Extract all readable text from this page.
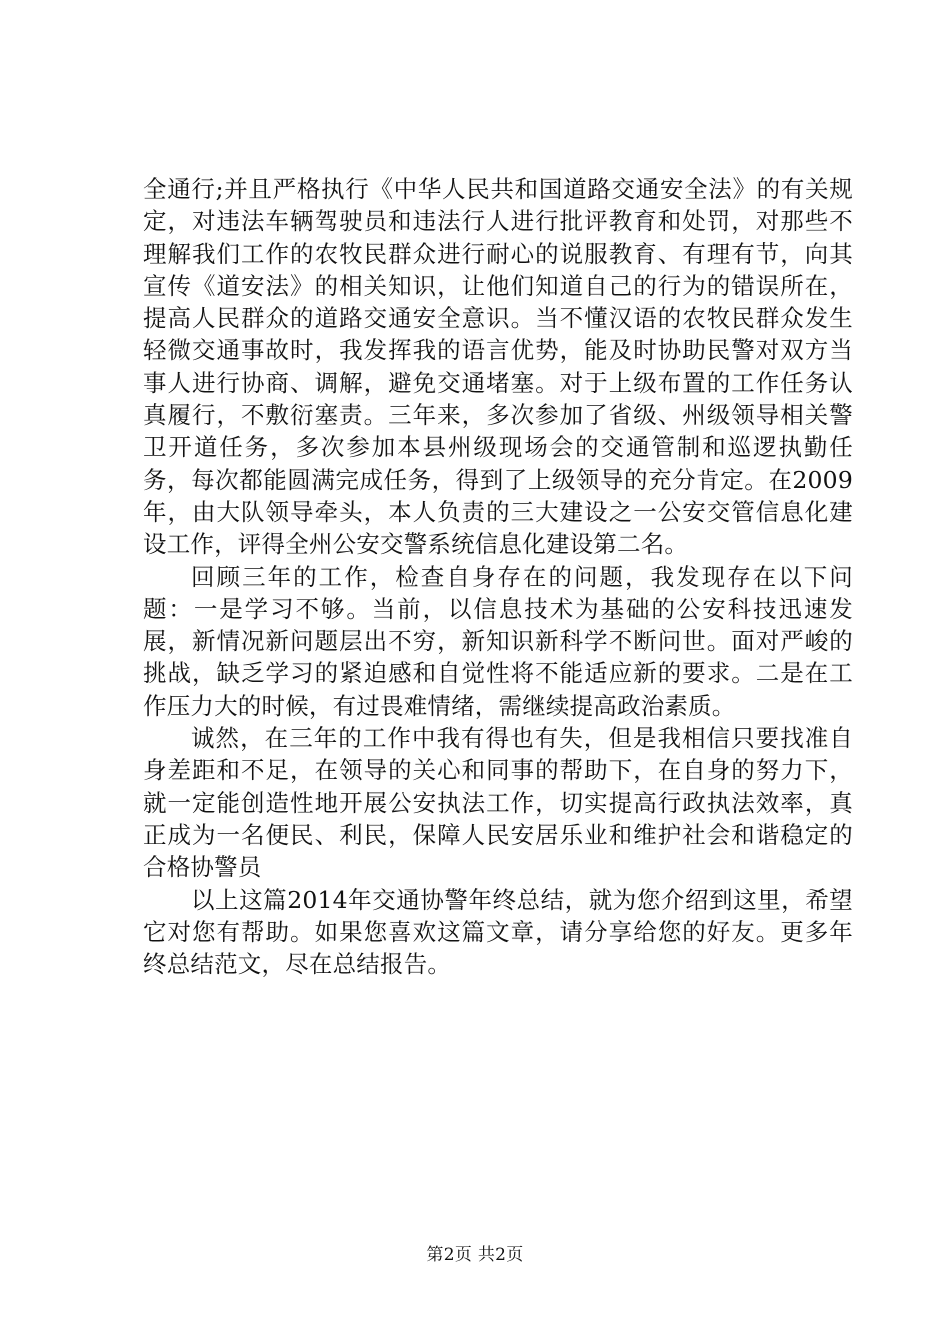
全通行;并且严格执行《中华人民共和国道路交通安全法》的有关规定，对违法车辆驾驶员和违法行人进行批评教育和处罚，对那些不理解我们工作的农牧民群众进行耐心的说服教育、有理有节，向其宣传《道安法》的相关知识，让他们知道自己的行为的错误所在，提高人民群众的道路交通安全意识。当不懂汉语的农牧民群众发生轻微交通事故时，我发挥我的语言优势，能及时协助民警对双方当事人进行协商、调解，避免交通堵塞。对于上级布置的工作任务认真履行，不敷衍塞责。三年来，多次参加了省级、州级领导相关警卫开道任务，多次参加本县州级现场会的交通管制和巡逻执勤任务，每次都能圆满完成任务，得到了上级领导的充分肯定。在2009年，由大队领导牵头，本人负责的三大建设之一公安交管信息化建设工作，评得全州公安交警系统信息化建设第二名。

回顾三年的工作，检查自身存在的问题，我发现存在以下问题：一是学习不够。当前，以信息技术为基础的公安科技迅速发展，新情况新问题层出不穷，新知识新科学不断问世。面对严峻的挑战，缺乏学习的紧迫感和自觉性将不能适应新的要求。二是在工作压力大的时候，有过畏难情绪，需继续提高政治素质。

诚然，在三年的工作中我有得也有失，但是我相信只要找准自身差距和不足，在领导的关心和同事的帮助下，在自身的努力下，就一定能创造性地开展公安执法工作，切实提高行政执法效率，真正成为一名便民、利民，保障人民安居乐业和维护社会和谐稳定的合格协警员

以上这篇2014年交通协警年终总结，就为您介绍到这里，希望它对您有帮助。如果您喜欢这篇文章，请分享给您的好友。更多年终总结范文，尽在总结报告。

第2页 共2页
